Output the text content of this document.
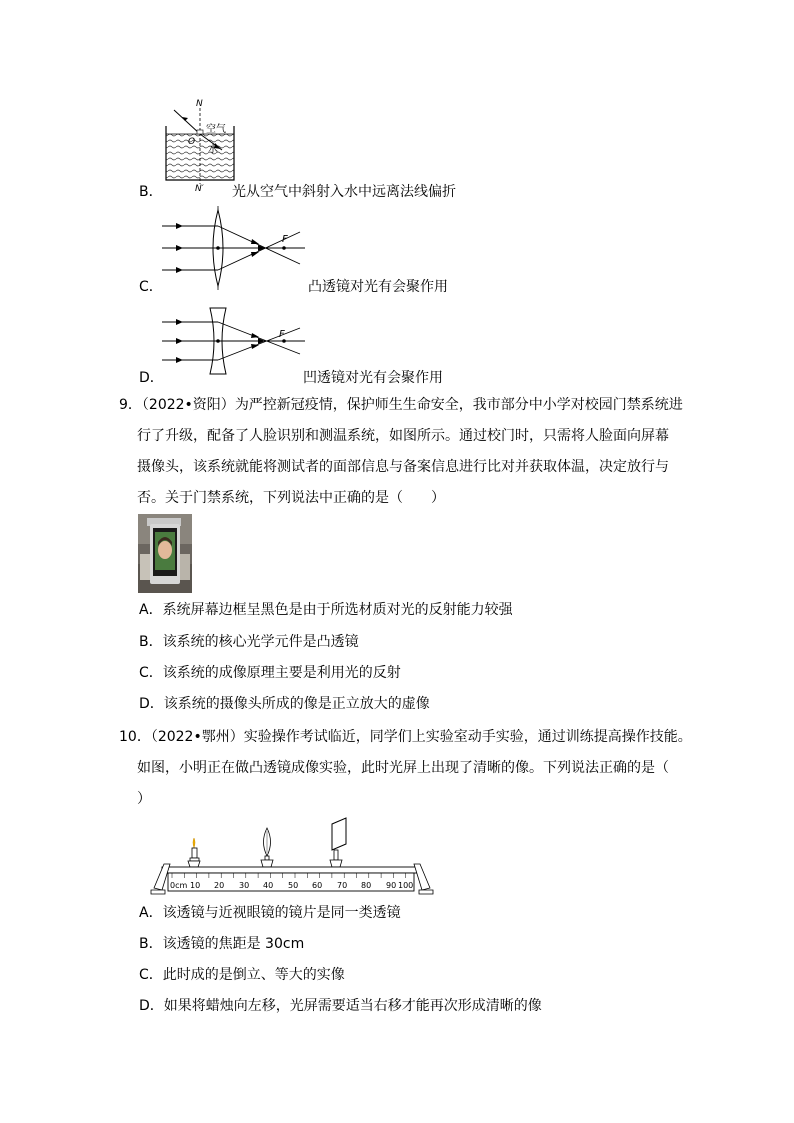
N
N′
空气
水
O
B．	光从空气中斜射入水中远离法线偏折
F
C．	凸透镜对光有会聚作用
F
D．	凹透镜对光有会聚作用
9．（2022•资阳）为严控新冠疫情，保护师生生命安全，我市部分中小学对校园门禁系统进
行了升级，配备了人脸识别和测温系统，如图所示。通过校门时，只需将人脸面向屏幕
摄像头，该系统就能将测试者的面部信息与备案信息进行比对并获取体温，决定放行与
否。关于门禁系统，下列说法中正确的是（　　）
A．系统屏幕边框呈黑色是由于所选材质对光的反射能力较强
B．该系统的核心光学元件是凸透镜
C．该系统的成像原理主要是利用光的反射
D．该系统的摄像头所成的像是正立放大的虚像
10．（2022•鄂州）实验操作考试临近，同学们上实验室动手实验，通过训练提高操作技能。
如图，小明正在做凸透镜成像实验，此时光屏上出现了清晰的像。下列说法正确的是（
）
0cm 10 20 30 40 50 60 70 80 90 100
A．该透镜与近视眼镜的镜片是同一类透镜
B．该透镜的焦距是 30cm
C．此时成的是倒立、等大的实像
D．如果将蜡烛向左移，光屏需要适当右移才能再次形成清晰的像
